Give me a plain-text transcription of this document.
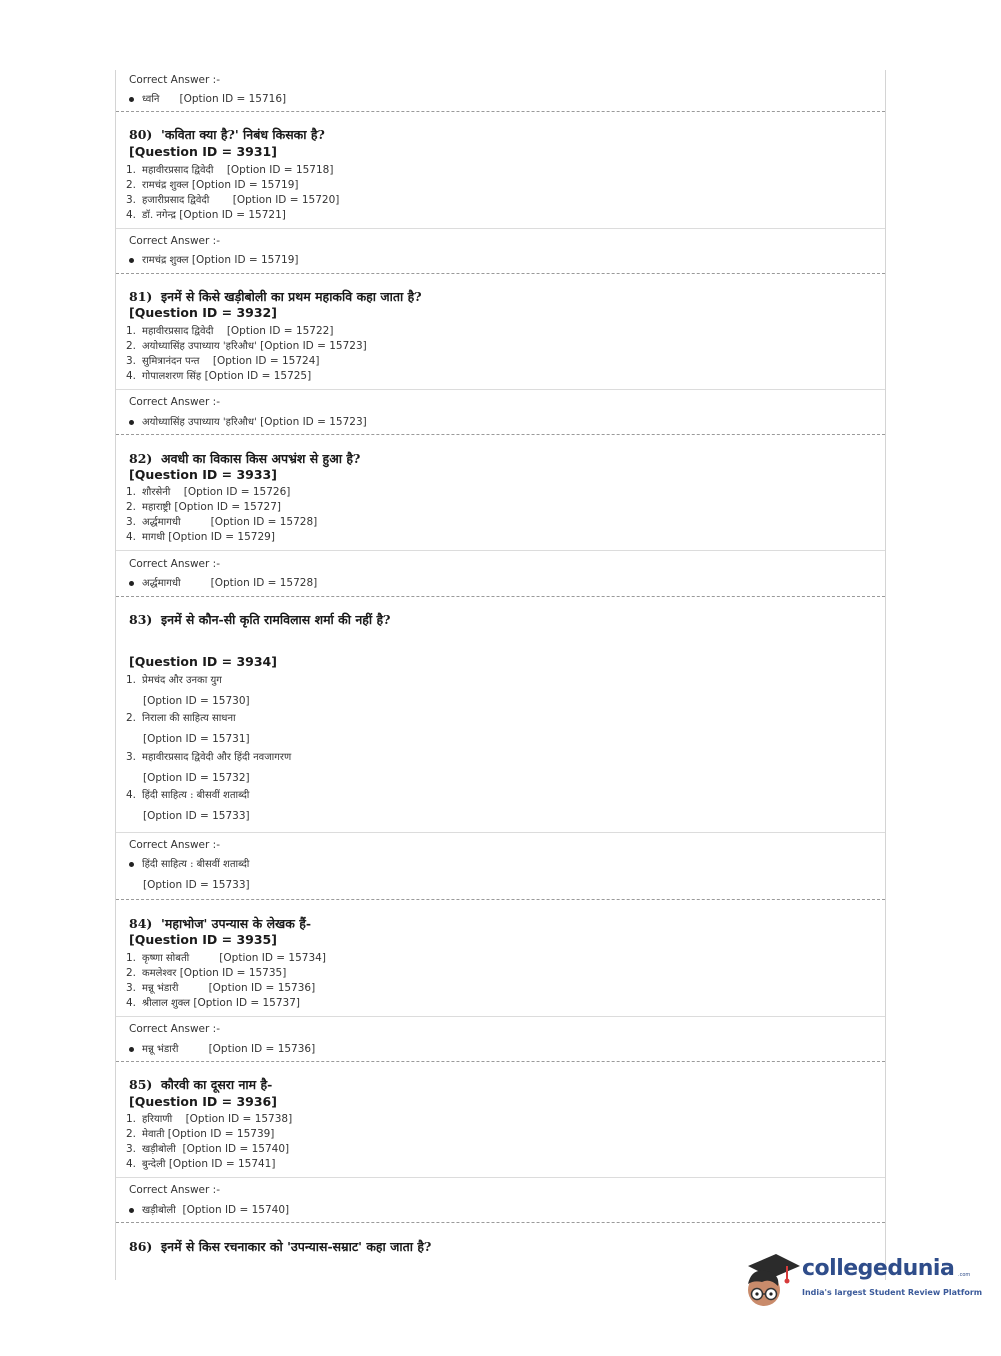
Correct Answer :-
ध्वनि [Option ID = 15716]
80) 'कविता क्या है?' निबंध किसका है?
[Question ID = 3931]
1. महावीरप्रसाद द्विवेदी [Option ID = 15718]
2. रामचंद्र शुक्ल [Option ID = 15719]
3. हजारीप्रसाद द्विवेदी [Option ID = 15720]
4. डॉ. नगेन्द्र [Option ID = 15721]
Correct Answer :-
रामचंद्र शुक्ल [Option ID = 15719]
81) इनमें से किसे खड़ीबोली का प्रथम महाकवि कहा जाता है?
[Question ID = 3932]
1. महावीरप्रसाद द्विवेदी [Option ID = 15722]
2. अयोध्यासिंह उपाध्याय 'हरिऔध' [Option ID = 15723]
3. सुमित्रानंदन पन्त [Option ID = 15724]
4. गोपालशरण सिंह [Option ID = 15725]
Correct Answer :-
अयोध्यासिंह उपाध्याय 'हरिऔध' [Option ID = 15723]
82) अवधी का विकास किस अपभ्रंश से हुआ है?
[Question ID = 3933]
1. शौरसेनी [Option ID = 15726]
2. महाराष्ट्री [Option ID = 15727]
3. अर्द्धमागधी	[Option ID = 15728]
4. मागधी [Option ID = 15729]
Correct Answer :-
अर्द्धमागधी	[Option ID = 15728]
83) इनमें से कौन-सी कृति रामविलास शर्मा की नहीं है?
[Question ID = 3934]
1. प्रेमचंद और उनका युग
[Option ID = 15730]
2. निराला की साहित्य साधना
[Option ID = 15731]
3. महावीरप्रसाद द्विवेदी और हिंदी नवजागरण
[Option ID = 15732]
4. हिंदी साहित्य : बीसवीं शताब्दी
[Option ID = 15733]
Correct Answer :-
हिंदी साहित्य : बीसवीं शताब्दी
[Option ID = 15733]
84) 'महाभोज' उपन्यास के लेखक हैं-
[Question ID = 3935]
1. कृष्णा सोबती	[Option ID = 15734]
2. कमलेश्वर [Option ID = 15735]
3. मन्नू भंडारी	[Option ID = 15736]
4. श्रीलाल शुक्ल [Option ID = 15737]
Correct Answer :-
मन्नू भंडारी	[Option ID = 15736]
85) कौरवी का दूसरा नाम है-
[Question ID = 3936]
1. हरियाणी [Option ID = 15738]
2. मेवाती [Option ID = 15739]
3. खड़ीबोली [Option ID = 15740]
4. बुन्देली [Option ID = 15741]
Correct Answer :-
खड़ीबोली [Option ID = 15740]
86) इनमें से किस रचनाकार को 'उपन्यास-सम्राट' कहा जाता है?
collegedunia .com
India's largest Student Review Platform
